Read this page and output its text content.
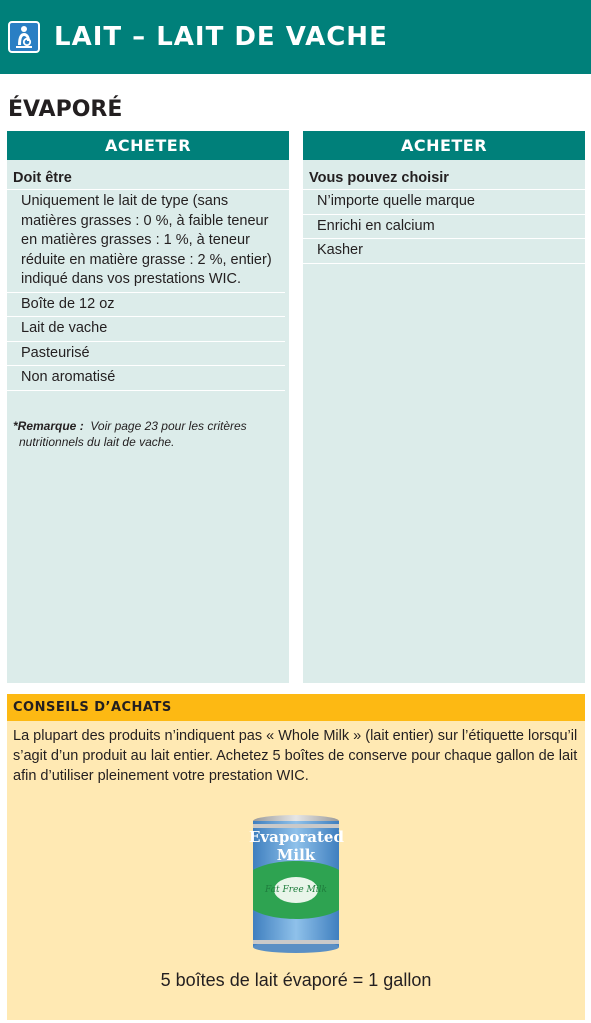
LAIT – LAIT DE VACHE
ÉVAPORÉ
ACHETER
Doit être
Uniquement le lait de type (sans matières grasses : 0 %, à faible teneur en matières grasses : 1 %, à teneur réduite en matière grasse : 2 %, entier) indiqué dans vos prestations WIC.
Boîte de 12 oz
Lait de vache
Pasteurisé
Non aromatisé
*Remarque : Voir page 23 pour les critères nutritionnels du lait de vache.
ACHETER
Vous pouvez choisir
N’importe quelle marque
Enrichi en calcium
Kasher
CONSEILS D’ACHATS
La plupart des produits n’indiquent pas « Whole Milk » (lait entier) sur l’étiquette lorsqu’il s’agit d’un produit au lait entier. Achetez 5 boîtes de conserve pour chaque gallon de lait afin d’utiliser pleinement votre prestation WIC.
Evaporated
Milk
Fat Free Milk
5 boîtes de lait évaporé = 1 gallon
